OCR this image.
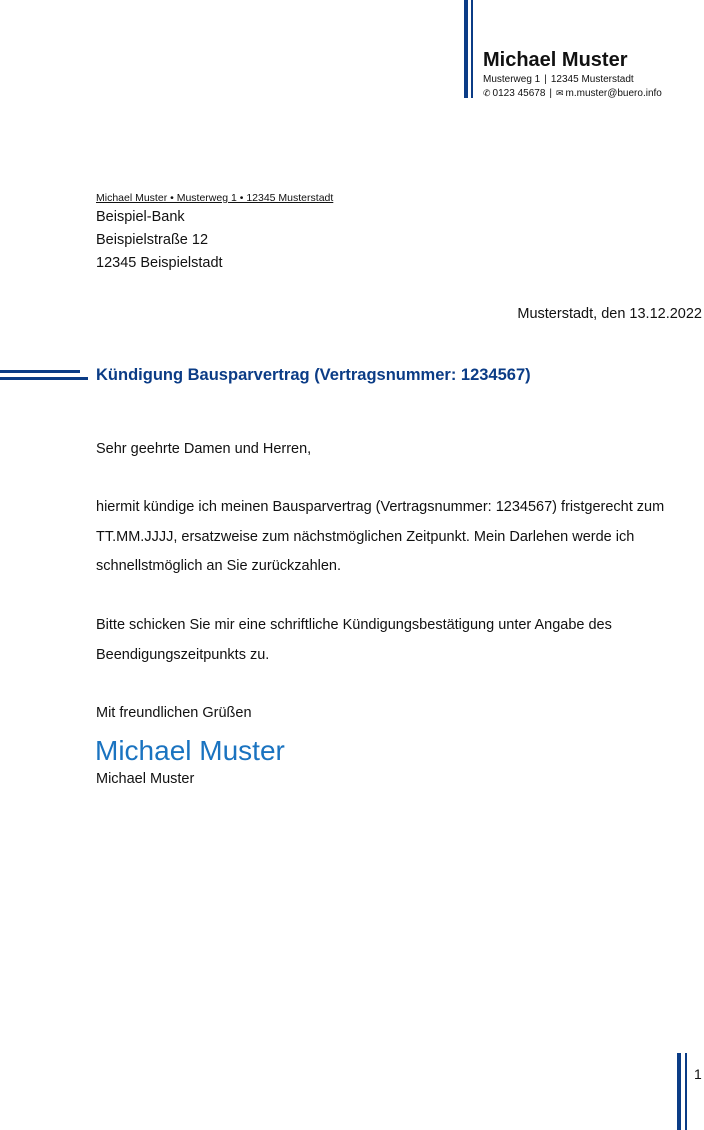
Michael Muster
Musterweg 1 | 12345 Musterstadt
✆ 0123 45678 | ✉ m.muster@buero.info
Michael Muster • Musterweg 1 • 12345 Musterstadt
Beispiel-Bank
Beispielstraße 12
12345 Beispielstadt
Musterstadt, den 13.12.2022
Kündigung Bausparvertrag (Vertragsnummer: 1234567)
Sehr geehrte Damen und Herren,
hiermit kündige ich meinen Bausparvertrag (Vertragsnummer: 1234567) fristgerecht zum TT.MM.JJJJ, ersatzweise zum nächstmöglichen Zeitpunkt. Mein Darlehen werde ich schnellstmöglich an Sie zurückzahlen.
Bitte schicken Sie mir eine schriftliche Kündigungsbestätigung unter Angabe des Beendigungszeitpunkts zu.
Mit freundlichen Grüßen
Michael Muster
Michael Muster
1
